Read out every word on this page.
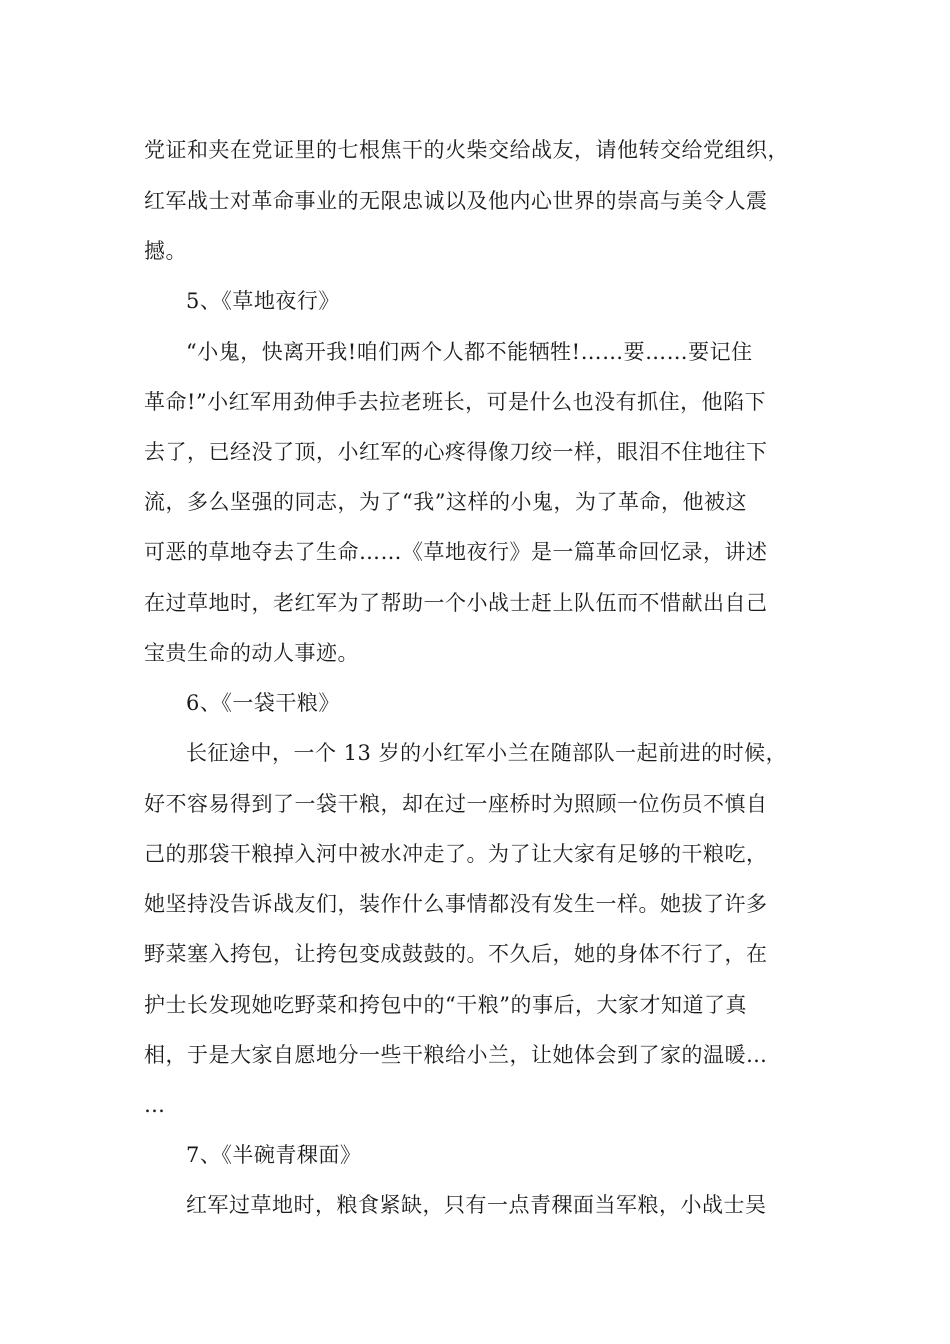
党证和夹在党证里的七根焦干的火柴交给战友，请他转交给党组织，
红军战士对革命事业的无限忠诚以及他内心世界的崇高与美令人震
撼。
5、《草地夜行》
“小鬼，快离开我!咱们两个人都不能牺牲!……要……要记住
革命!”小红军用劲伸手去拉老班长，可是什么也没有抓住，他陷下
去了，已经没了顶，小红军的心疼得像刀绞一样，眼泪不住地往下
流，多么坚强的同志，为了“我”这样的小鬼，为了革命，他被这
可恶的草地夺去了生命……《草地夜行》是一篇革命回忆录，讲述
在过草地时，老红军为了帮助一个小战士赶上队伍而不惜献出自己
宝贵生命的动人事迹。
6、《一袋干粮》
长征途中，一个 13 岁的小红军小兰在随部队一起前进的时候，
好不容易得到了一袋干粮，却在过一座桥时为照顾一位伤员不慎自
己的那袋干粮掉入河中被水冲走了。为了让大家有足够的干粮吃，
她坚持没告诉战友们，装作什么事情都没有发生一样。她拔了许多
野菜塞入挎包，让挎包变成鼓鼓的。不久后，她的身体不行了，在
护士长发现她吃野菜和挎包中的“干粮”的事后，大家才知道了真
相，于是大家自愿地分一些干粮给小兰，让她体会到了家的温暖…
…
7、《半碗青稞面》
红军过草地时，粮食紧缺，只有一点青稞面当军粮，小战士吴
